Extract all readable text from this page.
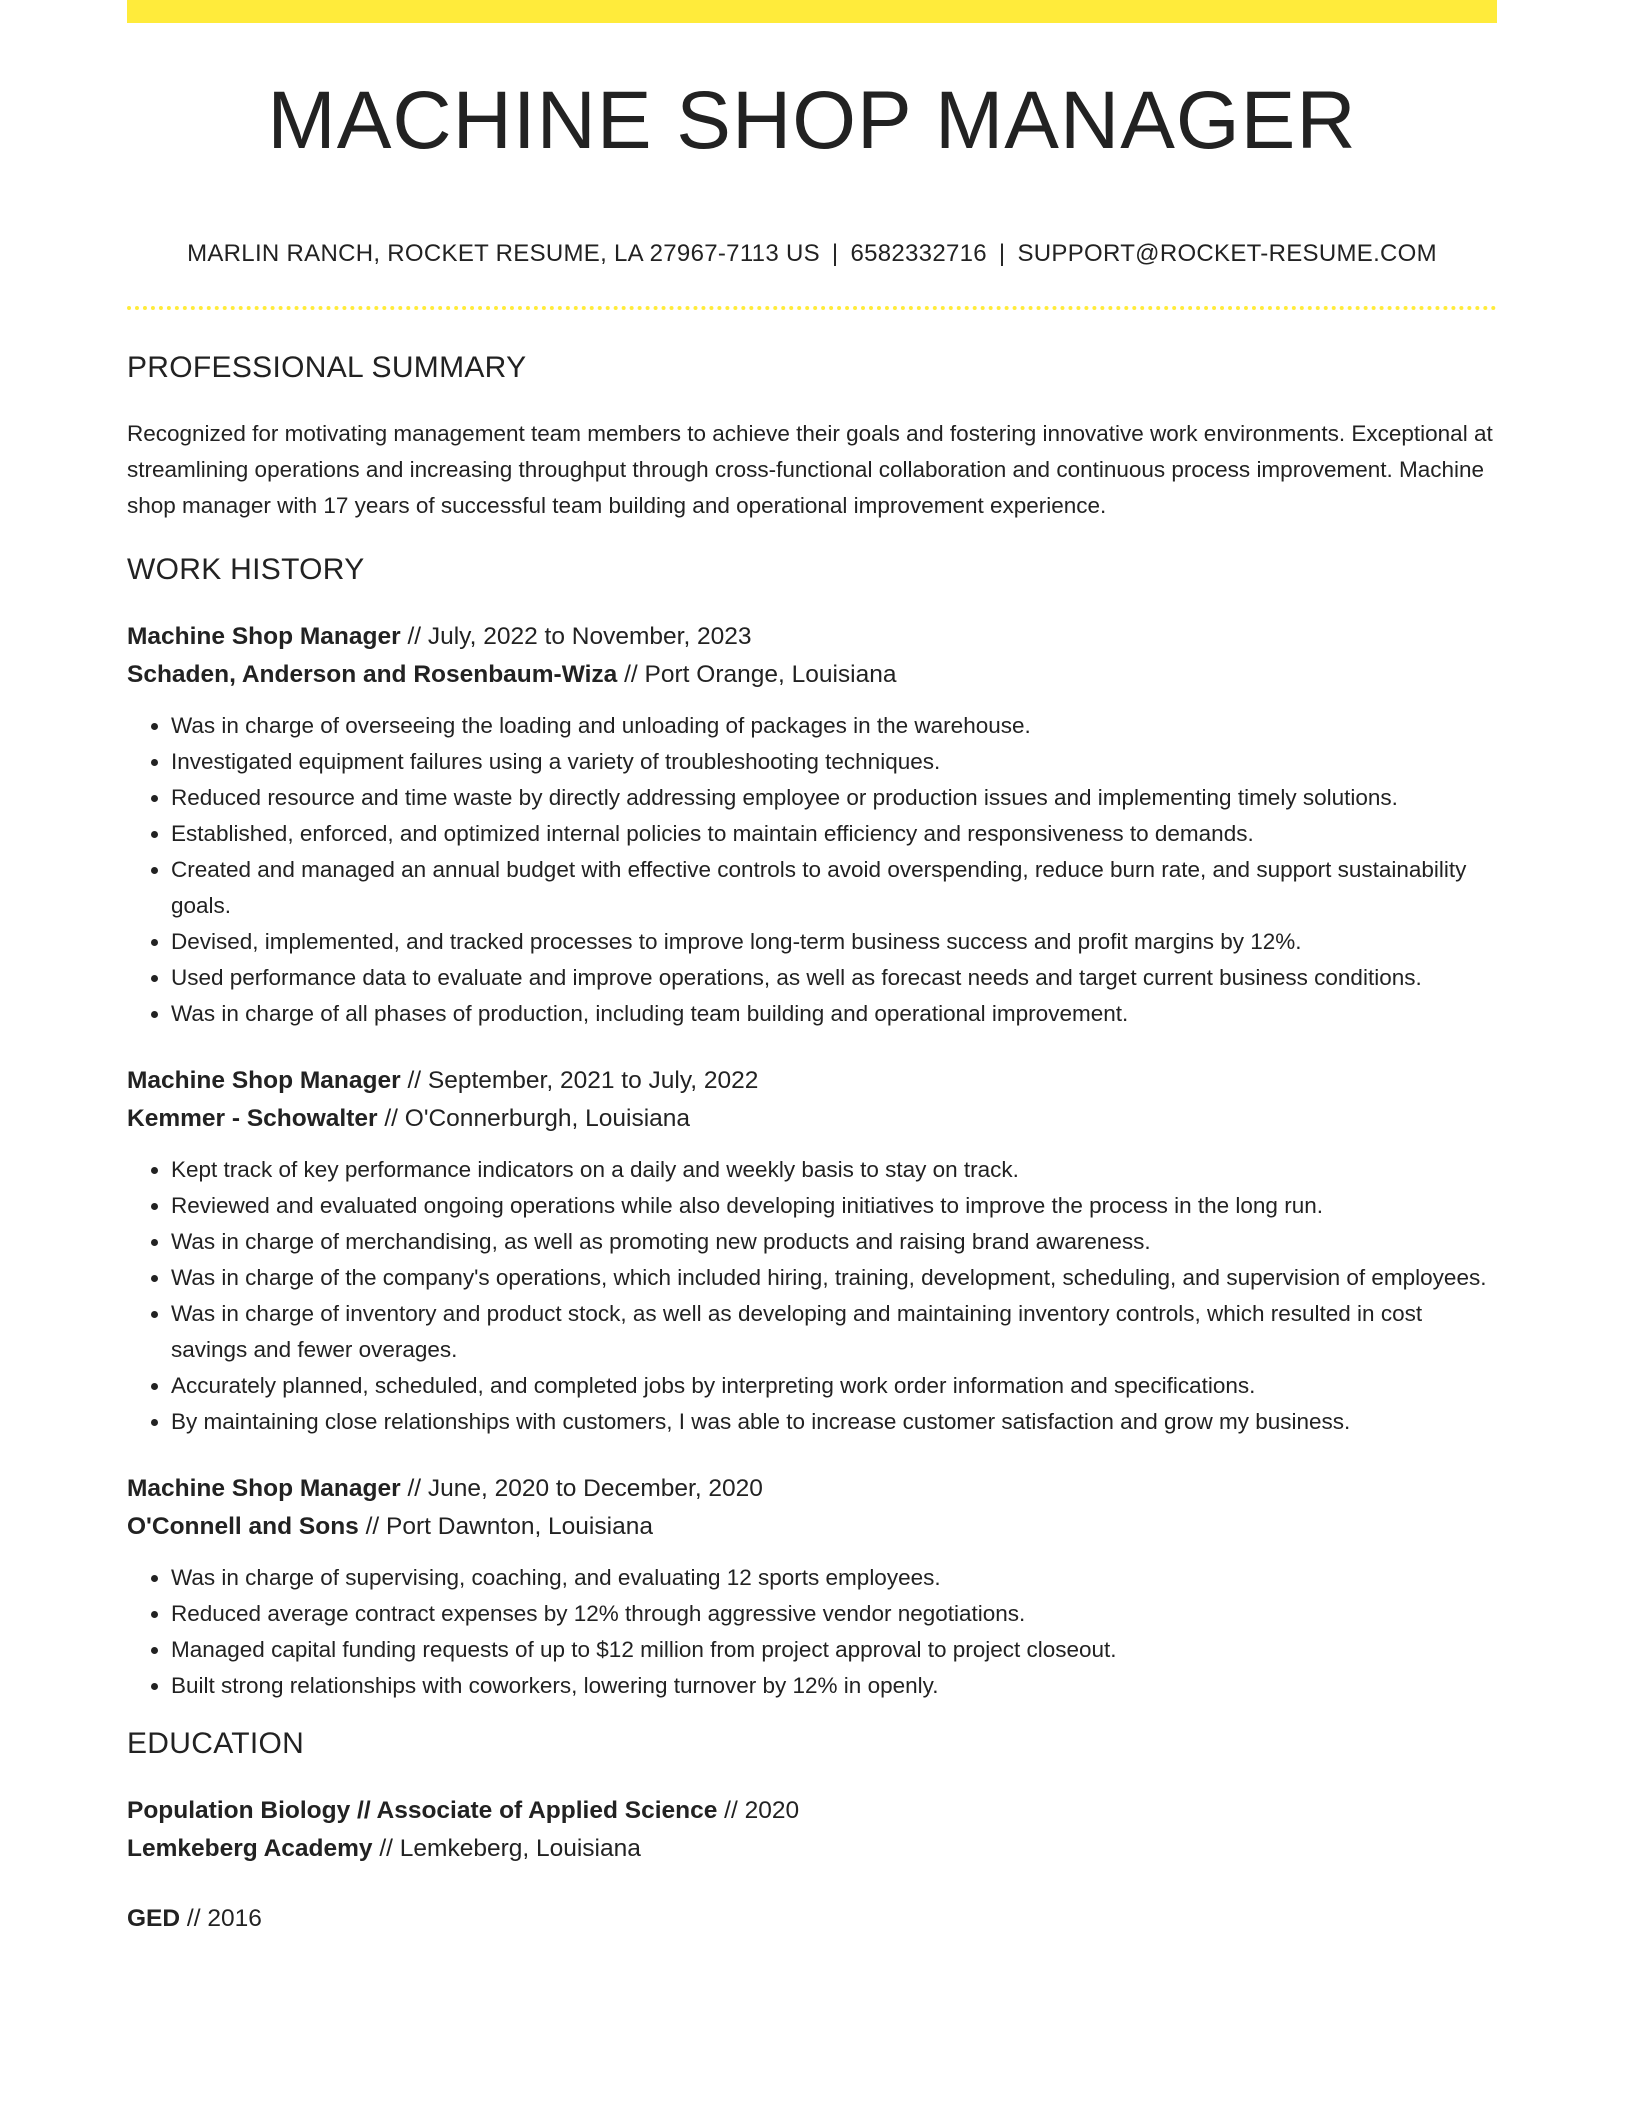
MACHINE SHOP MANAGER
MARLIN RANCH, ROCKET RESUME, LA 27967-7113 US | 6582332716 | SUPPORT@ROCKET-RESUME.COM
PROFESSIONAL SUMMARY

Recognized for motivating management team members to achieve their goals and fostering innovative work environments. Exceptional at streamlining operations and increasing throughput through cross-functional collaboration and continuous process improvement. Machine shop manager with 17 years of successful team building and operational improvement experience.

WORK HISTORY

Machine Shop Manager // July, 2022 to November, 2023

Schaden, Anderson and Rosenbaum-Wiza // Port Orange, Louisiana

• Was in charge of overseeing the loading and unloading of packages in the warehouse.
• Investigated equipment failures using a variety of troubleshooting techniques.
• Reduced resource and time waste by directly addressing employee or production issues and implementing timely solutions.
• Established, enforced, and optimized internal policies to maintain efficiency and responsiveness to demands.
• Created and managed an annual budget with effective controls to avoid overspending, reduce burn rate, and support sustainability goals.
• Devised, implemented, and tracked processes to improve long-term business success and profit margins by 12%.
• Used performance data to evaluate and improve operations, as well as forecast needs and target current business conditions.
• Was in charge of all phases of production, including team building and operational improvement.

Machine Shop Manager // September, 2021 to July, 2022

Kemmer - Schowalter // O'Connerburgh, Louisiana

• Kept track of key performance indicators on a daily and weekly basis to stay on track.
• Reviewed and evaluated ongoing operations while also developing initiatives to improve the process in the long run.
• Was in charge of merchandising, as well as promoting new products and raising brand awareness.
• Was in charge of the company's operations, which included hiring, training, development, scheduling, and supervision of employees.
• Was in charge of inventory and product stock, as well as developing and maintaining inventory controls, which resulted in cost savings and fewer overages.
• Accurately planned, scheduled, and completed jobs by interpreting work order information and specifications.
• By maintaining close relationships with customers, I was able to increase customer satisfaction and grow my business.

Machine Shop Manager // June, 2020 to December, 2020

O'Connell and Sons // Port Dawnton, Louisiana

• Was in charge of supervising, coaching, and evaluating 12 sports employees.
• Reduced average contract expenses by 12% through aggressive vendor negotiations.
• Managed capital funding requests of up to $12 million from project approval to project closeout.
• Built strong relationships with coworkers, lowering turnover by 12% in openly.
EDUCATION

Population Biology // Associate of Applied Science // 2020

Lemkeberg Academy // Lemkeberg, Louisiana

GED // 2016
